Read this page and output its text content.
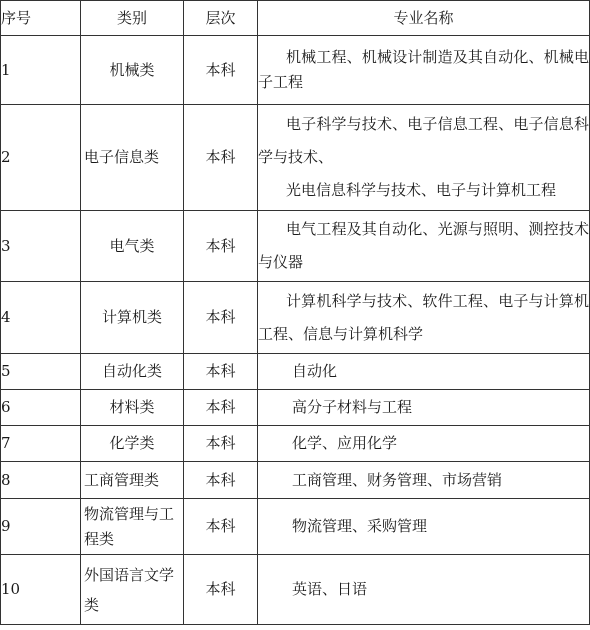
序号	类别	层次	专业名称
1	机械类	本科	机械工程、机械设计制造及其自动化、机械电子工程
2	电子信息类	本科	电子科学与技术、电子信息工程、电子信息科学与技术、
光电信息科学与技术、电子与计算机工程

3	电气类	本科	电气工程及其自动化、光源与照明、测控技术与仪器
4	计算机类	本科	计算机科学与技术、软件工程、电子与计算机工程、信息与计算机科学
5	自动化类	本科	自动化
6	材料类	本科	高分子材料与工程
7	化学类	本科	化学、应用化学
8	工商管理类	本科	工商管理、财务管理、市场营销
9	物流管理与工程类	本科	物流管理、采购管理
10	外国语言文学类	本科	英语、日语
